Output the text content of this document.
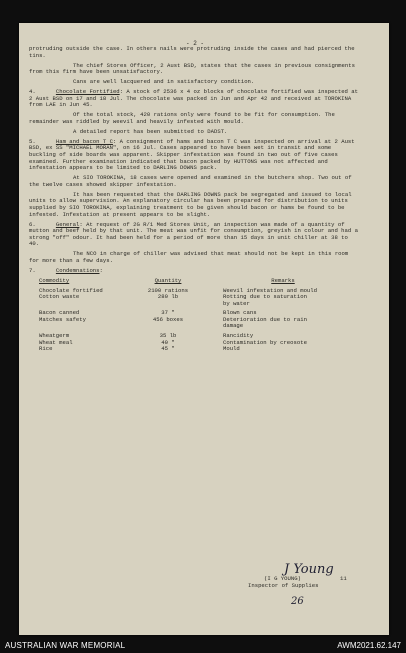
- 2 -

protruding outside the case. In others nails were protruding inside the cases and had pierced the tins.

The chief Stores Officer, 2 Aust BSD, states that the cases in previous consignments from this firm have been unsatisfactory.

Cans are well lacquered and in satisfactory condition.

4.	Chocolate Fortified: A stock of 2536 x 4 oz blocks of chocolate fortified was inspected at 2 Aust BSD on 17 and 18 Jul. The chocolate was packed in Jun and Apr 42 and received at TOROKINA from LAE in Jun 45.

Of the total stock, 420 rations only were found to be fit for consumption. The remainder was riddled by weevil and heavily infested with mould.

A detailed report has been submitted to DADST.

5.	Ham and bacon T C: A consignment of hams and bacon T C was inspected on arrival at 2 Aust BSD, ex SS "MICHAEL MORAN", on 16 Jul. Cases appeared to have been wet in transit and some buckling of side boards was apparent. Skipper infestation was found in two out of five cases examined. Further examination indicated that bacon packed by HUTTONS was not affected and infestation appears to be limited to DARLING DOWNS pack.

At SIO TOROKINA, 18 cases were opened and examined in the butchers shop. Two out of the twelve cases showed skipper infestation.

It has been requested that the DARLING DOWNS pack be segregated and issued to local units to allow supervision. An explanatory circular has been prepared for distribution to units supplied by SIO TOROKINA, explaining treatment to be given should bacon or hams be found to be infested. Infestation at present appears to be slight.

6.	General: At request of 2G R/1 Med Stores Unit, an inspection was made of a quantity of mutton and beef held by that unit. The meat was unfit for consumption, greyish in colour and had a strong "off" odour. It had been held for a period of more than 15 days in unit chiller at 38 to 40.

The NCO in charge of chiller was advised that meat should not be kept in this room for more than a few days.

7.	Condemnations:

Commodity	Quantity	Remarks
Chocolate fortified	2100 rations	Weevil infestation and mould
Cotton waste	280 lb	Rotting due to saturation
by water
Bacon canned	37 "	Blown cans
Matches safety	456 boxes	Deterioration due to rain
damage
Wheatgerm	35 lb	Rancidity
Wheat meal	40 "	Contamination by creosote
Rice	45 "	Mould
J Young
(I G YOUNG)	11
Inspector of Supplies
26
AUSTRALIAN WAR MEMORIAL	AWM2021.62.147
